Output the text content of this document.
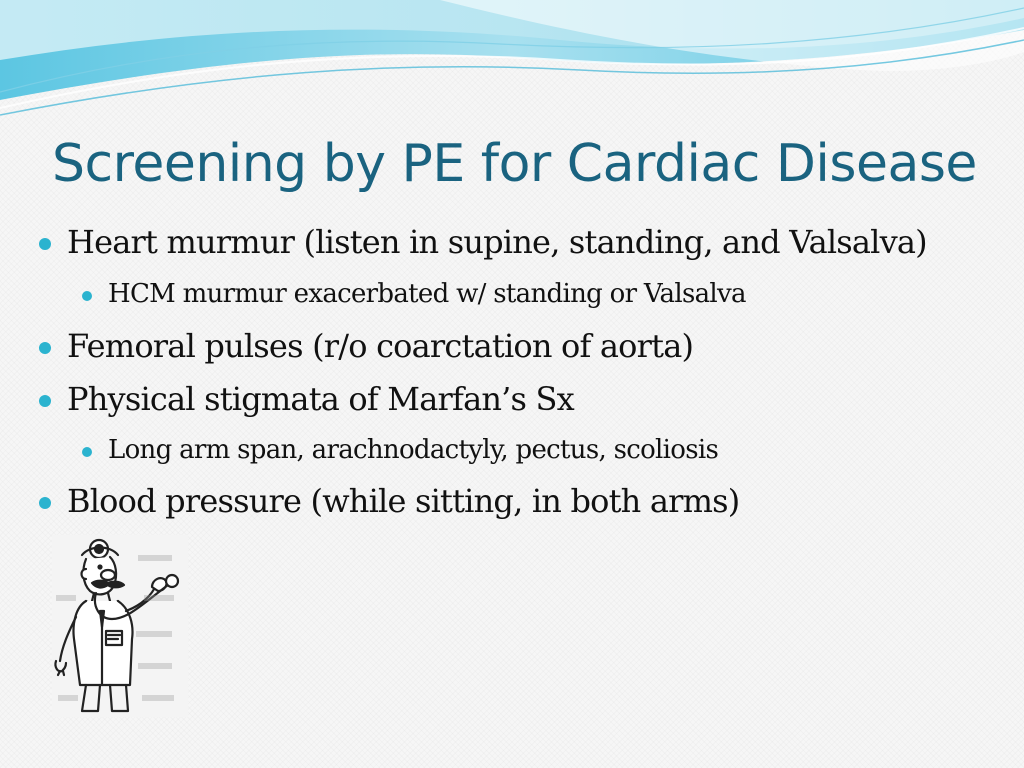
Screening by PE for Cardiac Disease
Heart murmur (listen in supine, standing, and Valsalva)
HCM murmur exacerbated w/ standing or Valsalva
Femoral pulses (r/o coarctation of aorta)
Physical stigmata of Marfan’s Sx
Long arm span, arachnodactyly, pectus, scoliosis
Blood pressure (while sitting, in both arms)
